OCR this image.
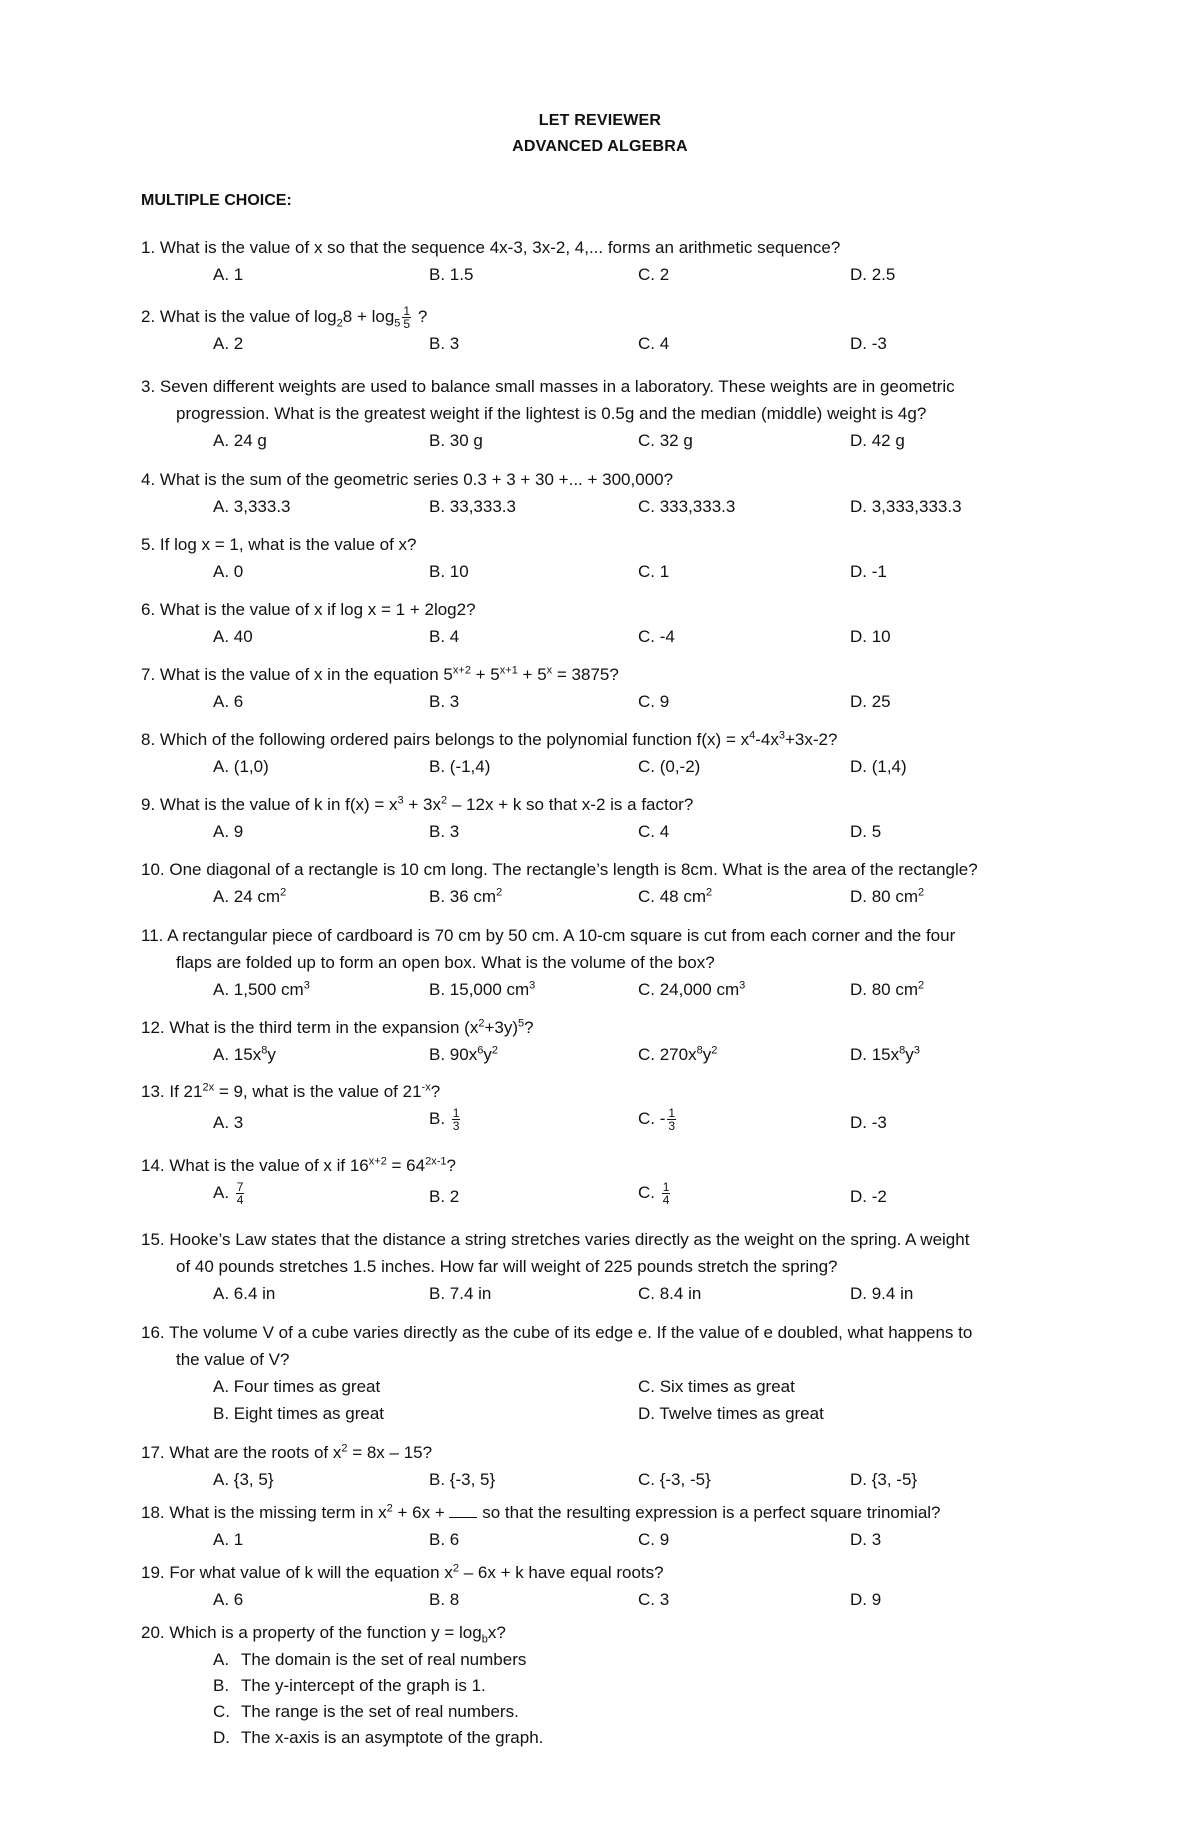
LET REVIEWER
ADVANCED ALGEBRA
MULTIPLE CHOICE:
1. What is the value of x so that the sequence 4x-3, 3x-2, 4,... forms an arithmetic sequence?
A. 1	B. 1.5	C. 2	D. 2.5
2. What is the value of $\log_28 + \log_5 \frac{1}{5}$ ?
A. 2	B. 3	C. 4	D. -3
3. Seven different weights are used to balance small masses in a laboratory. These weights are in geometric
progression. What is the greatest weight if the lightest is 0.5g and the median (middle) weight is 4g?
A. 24 g	B. 30 g	C. 32 g	D. 42 g
4. What is the sum of the geometric series 0.3 + 3 + 30 +... + 300,000?
A. 3,333.3	B. 33,333.3	C. 333,333.3	D. 3,333,333.3
5. If log x = 1, what is the value of x?
A. 0	B. 10	C. 1	D. -1
6. What is the value of x if log x = 1 + 2log2?
A. 40	B. 4	C. -4	D. 10
7. What is the value of x in the equation $5^{x+2} + 5^{x+1} + 5^x = 3875$?
A. 6	B. 3	C. 9	D. 25
8. Which of the following ordered pairs belongs to the polynomial function $f(x) = x^4-4x^3+3x-2$?
A. (1,0)	B. (-1,4)	C. (0,-2)	D. (1,4)
9. What is the value of k in $f(x) = x^3 + 3x^2 - 12x + k$ so that x-2 is a factor?
A. 9	B. 3	C. 4	D. 5
10. One diagonal of a rectangle is 10 cm long. The rectangle’s length is 8cm. What is the area of the rectangle?
A. 24 $cm^2$	B. 36 $cm^2$	C. 48 $cm^2$	D. 80 $cm^2$
11. A rectangular piece of cardboard is 70 cm by 50 cm. A 10-cm square is cut from each corner and the four
flaps are folded up to form an open box. What is the volume of the box?
A. 1,500 $cm^3$	B. 15,000 $cm^3$	C. 24,000 $cm^3$	D. 80 $cm^2$
12. What is the third term in the expansion $(x^2+3y)^5$?
A. $15x^8y$	B. $90x^6y^2$	C. $270x^8y^2$	D. $15x^8y^3$
13. If $21^{2x} = 9$, what is the value of $21^{-x}$?
A. 3	B. $\frac{1}{3}$	C. - $\frac{1}{3}$	D. -3
14. What is the value of x if $16^{x+2} = 64^{2x-1}$?
A. $\frac{7}{4}$	B. 2	C. $\frac{1}{4}$	D. -2
15. Hooke’s Law states that the distance a string stretches varies directly as the weight on the spring. A weight
of 40 pounds stretches 1.5 inches. How far will weight of 225 pounds stretch the spring?
A. 6.4 in	B. 7.4 in	C. 8.4 in	D. 9.4 in
16. The volume V of a cube varies directly as the cube of its edge e. If the value of e doubled, what happens to
the value of V?
A. Four times as great	C. Six times as great
B. Eight times as great	D. Twelve times as great
17. What are the roots of $x^2 = 8x - 15$?
A. {3, 5}	B. {-3, 5}	C. {-3, -5}	D. {3, -5}
18. What is the missing term in $x^2 + 6x$ +  so that the resulting expression is a perfect square trinomial?
A. 1	B. 6	C. 9	D. 3
19. For what value of k will the equation $x^2 - 6x + k$ have equal roots?
A. 6	B. 8	C. 3	D. 9
20. Which is a property of the function $y = \log_bx$?
A. The domain is the set of real numbers
B. The y-intercept of the graph is 1.
C. The range is the set of real numbers.
D. The x-axis is an asymptote of the graph.
